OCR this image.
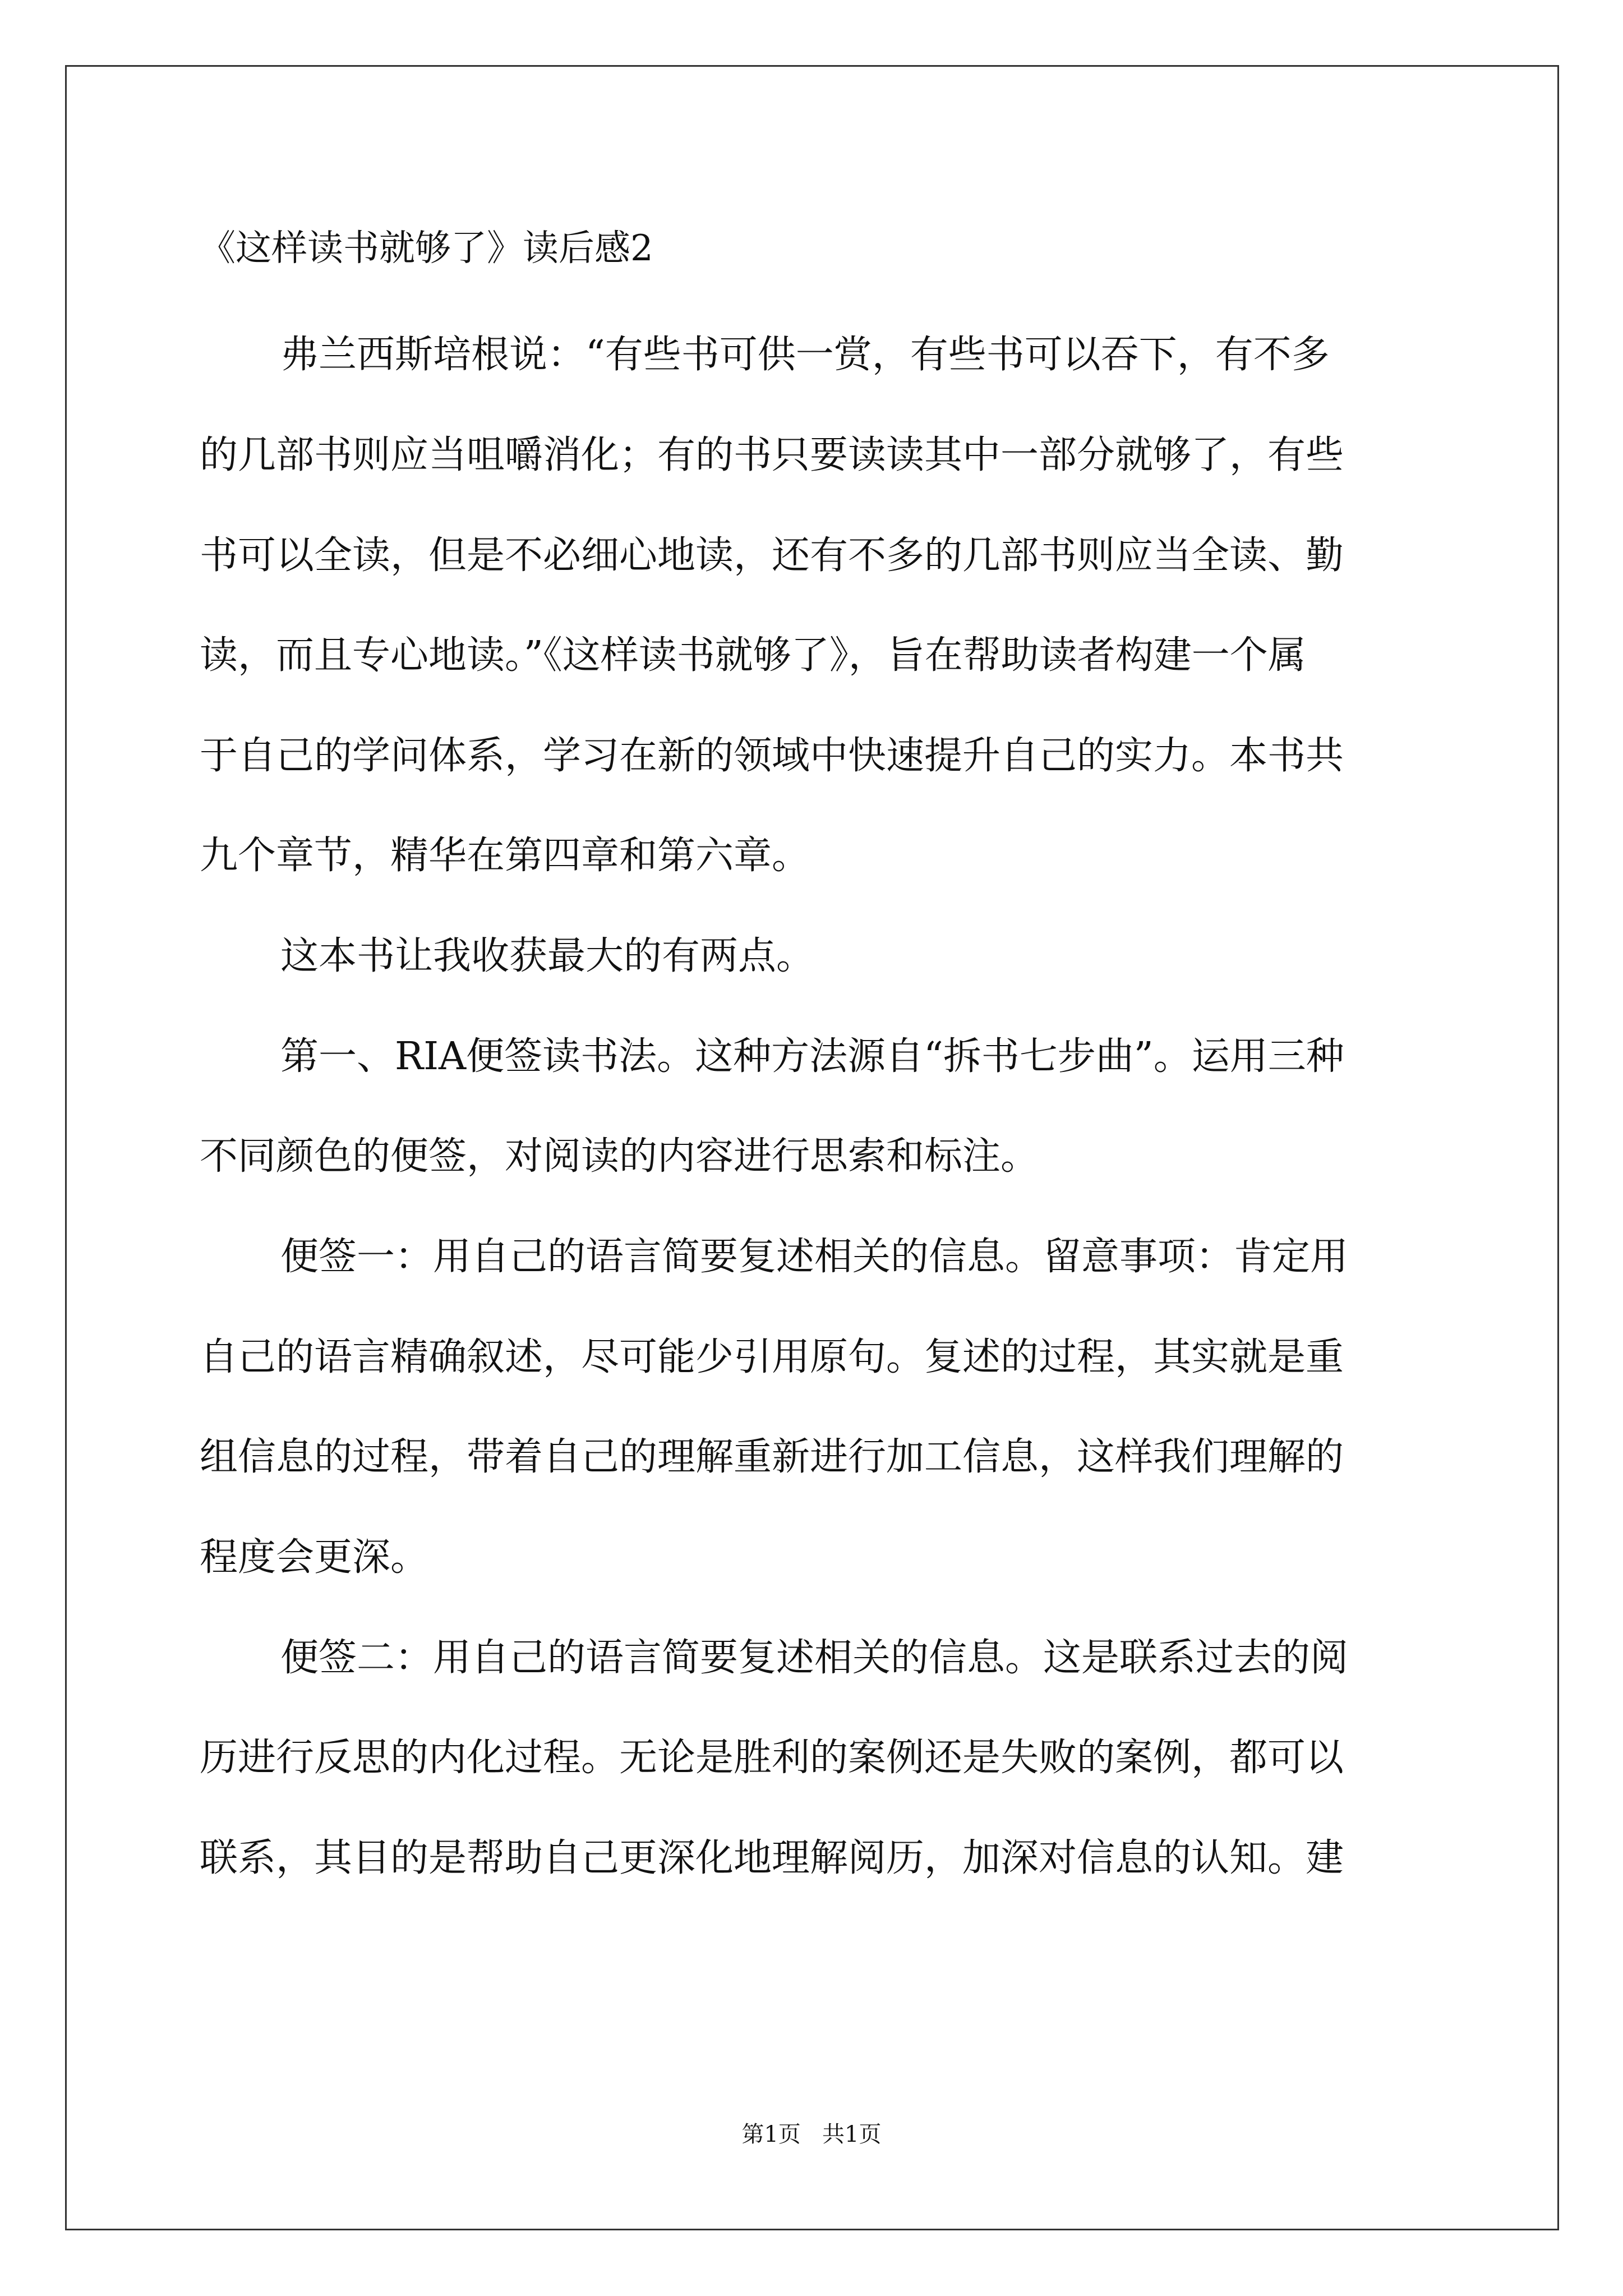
《这样读书就够了》读后感2
弗兰西斯培根说：“有些书可供一赏，有些书可以吞下，有不多
的几部书则应当咀嚼消化；有的书只要读读其中一部分就够了，有些
书可以全读，但是不必细心地读，还有不多的几部书则应当全读、勤
读，而且专心地读。”《这样读书就够了》，旨在帮助读者构建一个属
于自己的学问体系，学习在新的领域中快速提升自己的实力。本书共
九个章节，精华在第四章和第六章。
这本书让我收获最大的有两点。
第一、RIA便签读书法。这种方法源自“拆书七步曲”。运用三种
不同颜色的便签，对阅读的内容进行思索和标注。
便签一：用自己的语言简要复述相关的信息。留意事项：肯定用
自己的语言精确叙述，尽可能少引用原句。复述的过程，其实就是重
组信息的过程，带着自己的理解重新进行加工信息，这样我们理解的
程度会更深。
便签二：用自己的语言简要复述相关的信息。这是联系过去的阅
历进行反思的内化过程。无论是胜利的案例还是失败的案例，都可以
联系，其目的是帮助自己更深化地理解阅历，加深对信息的认知。建
第1页   共1页
